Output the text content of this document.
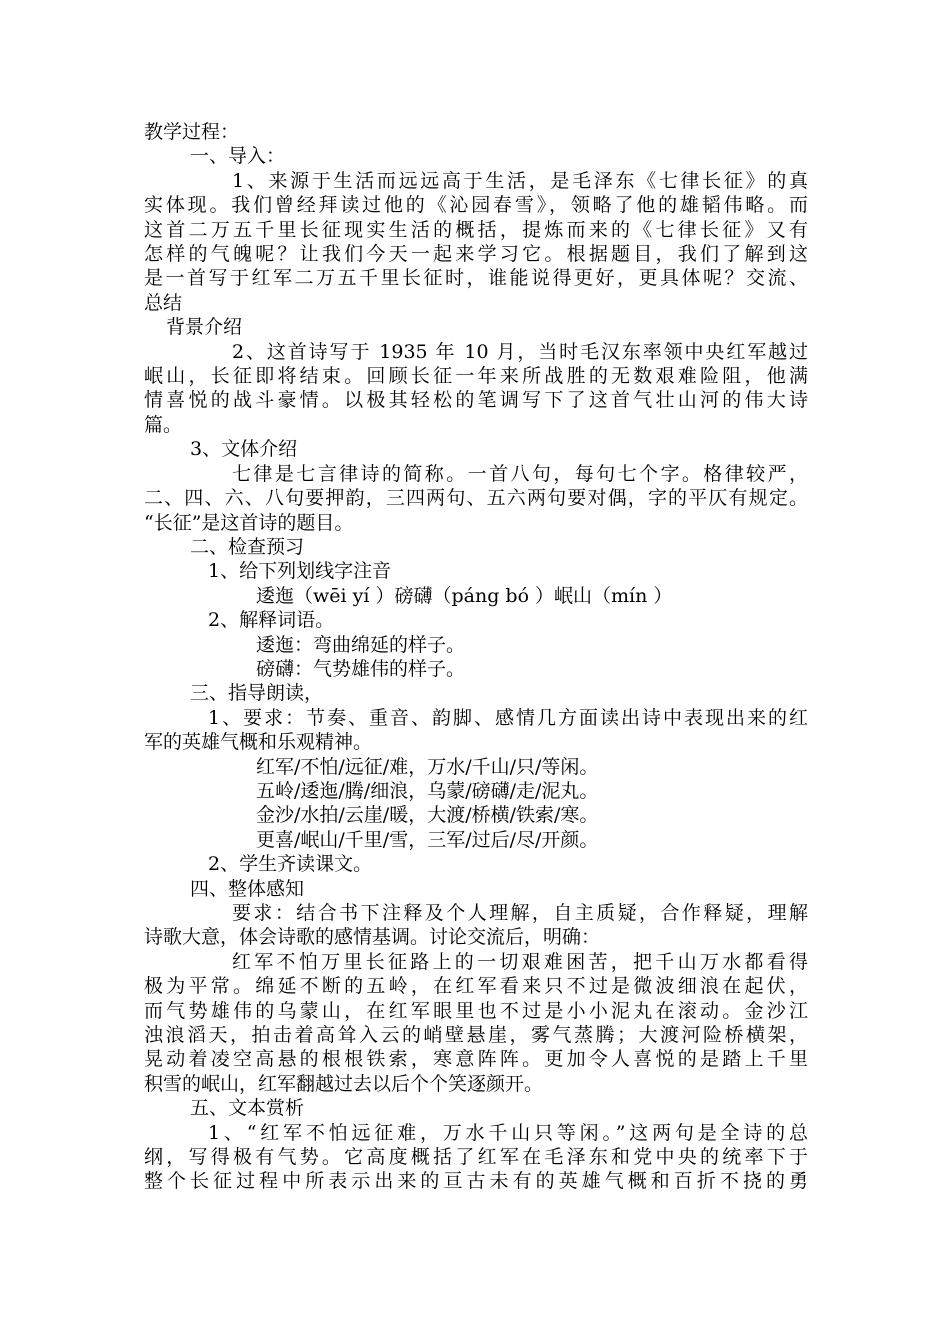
教学过程：
一、导入：
1、来源于生活而远远高于生活，是毛泽东《七律长征》的真
实体现。我们曾经拜读过他的《沁园春雪》，领略了他的雄韬伟略。而
这首二万五千里长征现实生活的概括，提炼而来的《七律长征》又有
怎样的气魄呢？让我们今天一起来学习它。根据题目，我们了解到这
是一首写于红军二万五千里长征时，谁能说得更好，更具体呢？交流、
总结
背景介绍
2、这首诗写于 1935 年 10 月，当时毛汉东率领中央红军越过
岷山，长征即将结束。回顾长征一年来所战胜的无数艰难险阻，他满
情喜悦的战斗豪情。以极其轻松的笔调写下了这首气壮山河的伟大诗
篇。
3、文体介绍
七律是七言律诗的简称。一首八句，每句七个字。格律较严，
二、四、六、八句要押韵，三四两句、五六两句要对偶，字的平仄有规定。
“长征”是这首诗的题目。
二、检查预习
1、给下列划线字注音
逶迤（wēi yí ）磅礴（páng bó ）岷山（mín ）
2、解释词语。
逶迤：弯曲绵延的样子。
磅礴：气势雄伟的样子。
三、指导朗读，
1、要求：节奏、重音、韵脚、感情几方面读出诗中表现出来的红
军的英雄气概和乐观精神。
红军/不怕/远征/难，万水/千山/只/等闲。
五岭/逶迤/腾/细浪，乌蒙/磅礴/走/泥丸。
金沙/水拍/云崖/暖，大渡/桥横/铁索/寒。
更喜/岷山/千里/雪，三军/过后/尽/开颜。
2、学生齐读课文。
四、整体感知
要求：结合书下注释及个人理解，自主质疑，合作释疑，理解
诗歌大意，体会诗歌的感情基调。讨论交流后，明确：
红军不怕万里长征路上的一切艰难困苦，把千山万水都看得
极为平常。绵延不断的五岭，在红军看来只不过是微波细浪在起伏，
而气势雄伟的乌蒙山，在红军眼里也不过是小小泥丸在滚动。金沙江
浊浪滔天，拍击着高耸入云的峭壁悬崖，雾气蒸腾；大渡河险桥横架，
晃动着凌空高悬的根根铁索，寒意阵阵。更加令人喜悦的是踏上千里
积雪的岷山，红军翻越过去以后个个笑逐颜开。
五、文本赏析
1、“红军不怕远征难，万水千山只等闲。”这两句是全诗的总
纲，写得极有气势。它高度概括了红军在毛泽东和党中央的统率下于
整个长征过程中所表示出来的亘古未有的英雄气概和百折不挠的勇
